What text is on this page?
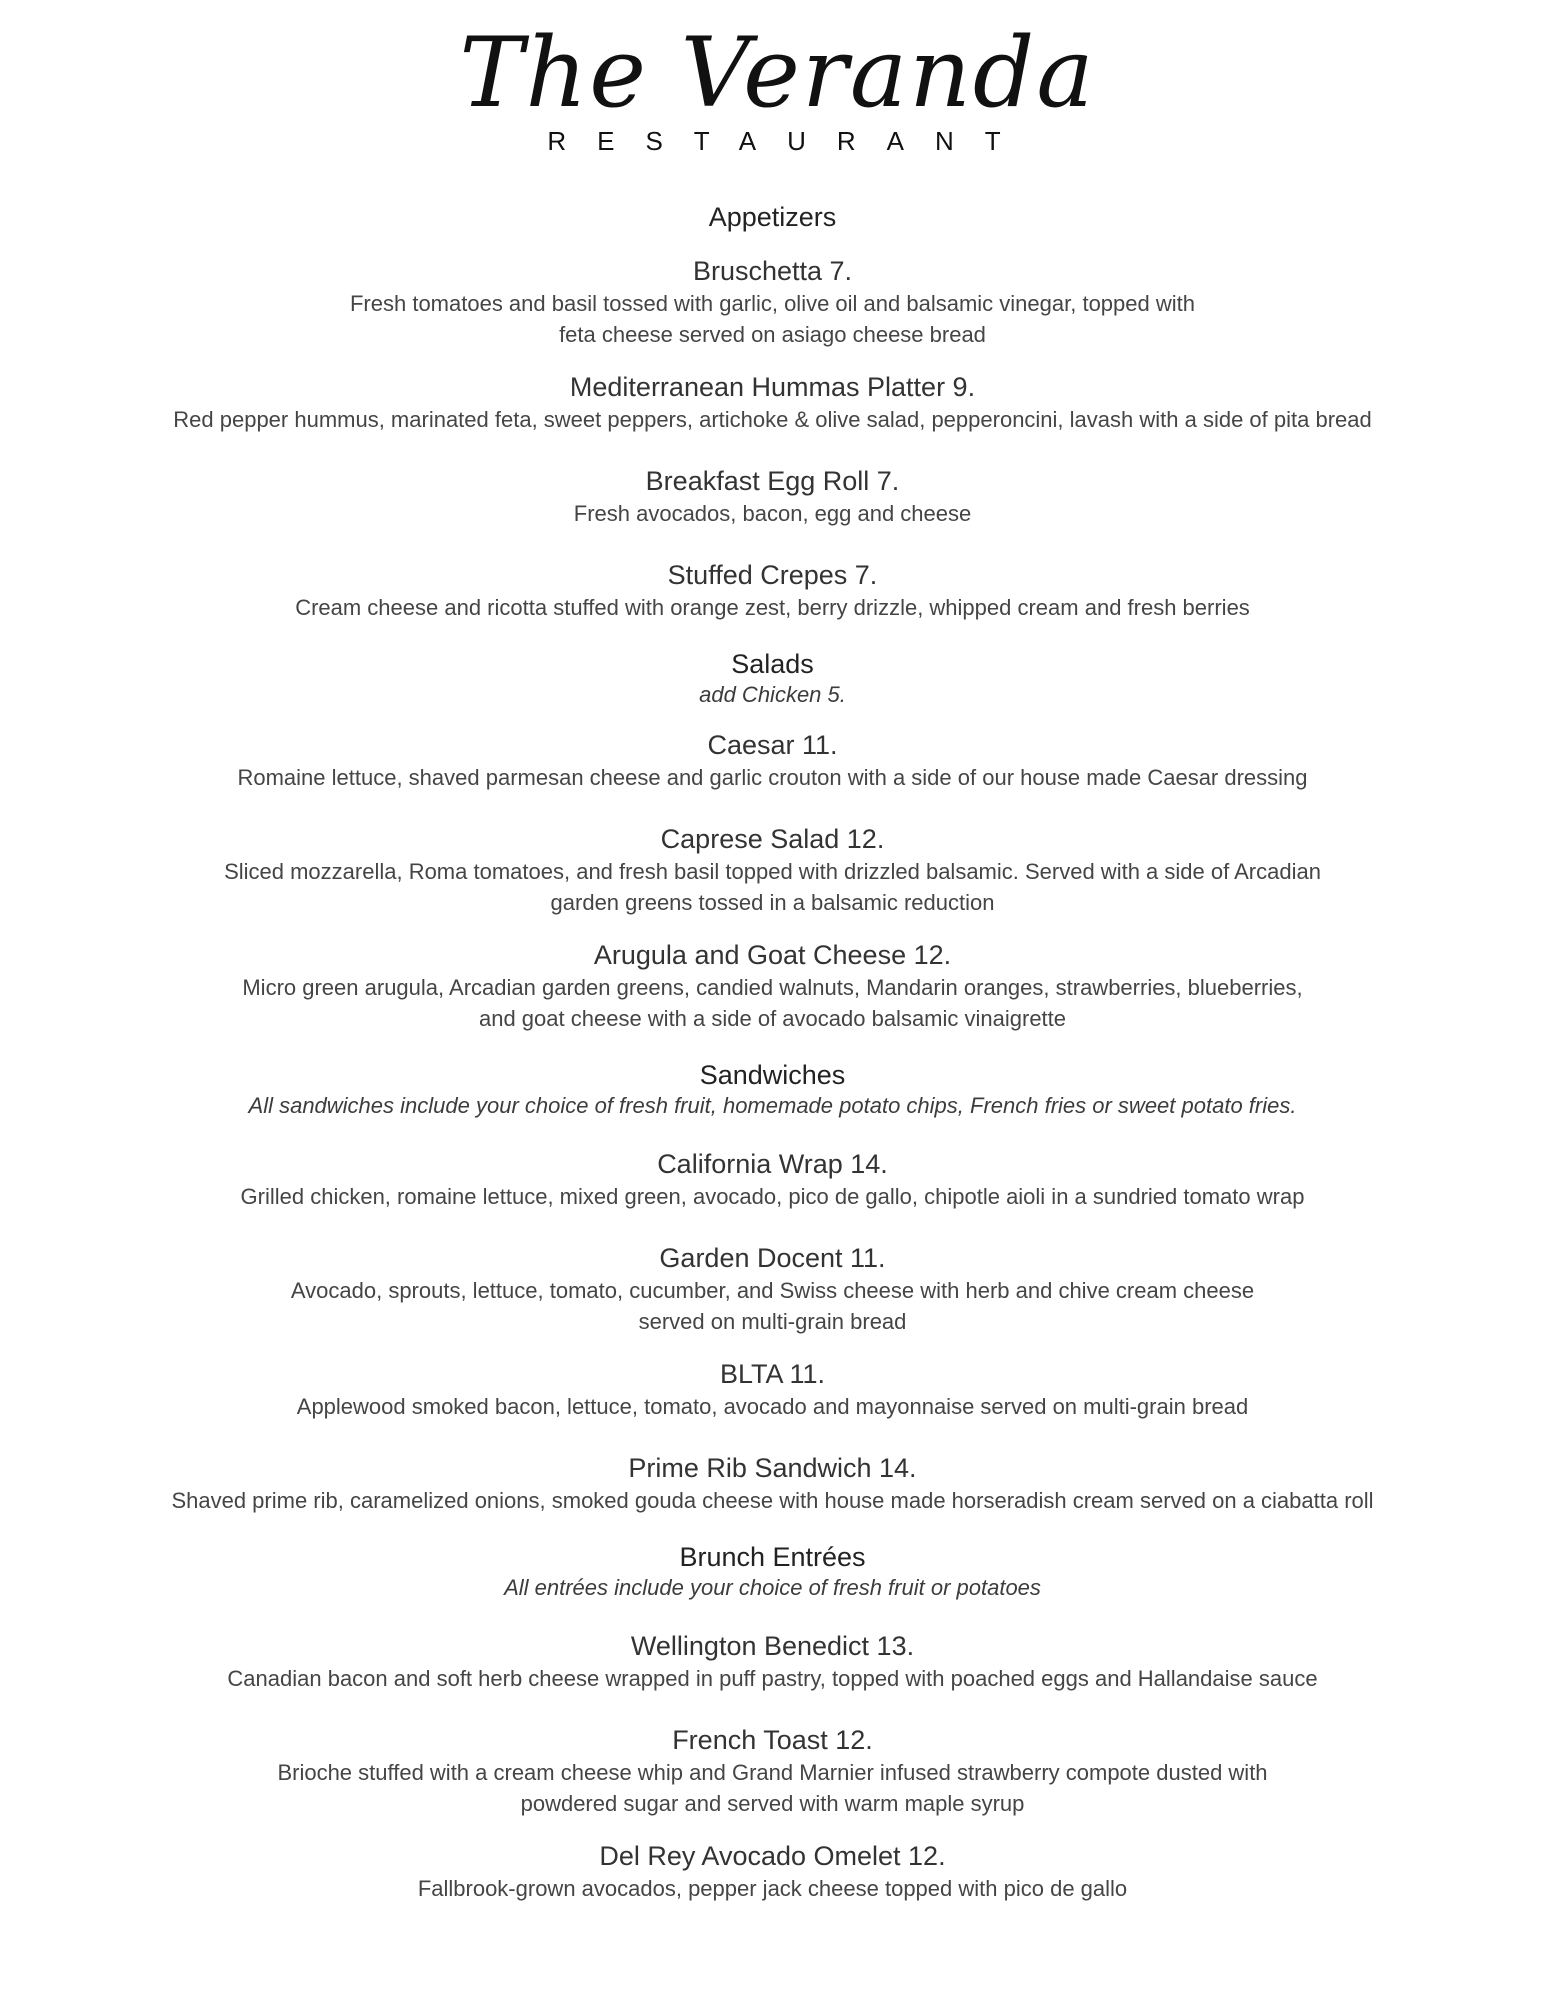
The Veranda
RESTAURANT

Appetizers

Bruschetta 7.

Fresh tomatoes and basil tossed with garlic, olive oil and balsamic vinegar, topped with
feta cheese served on asiago cheese bread

Mediterranean Hummas Platter 9.

Red pepper hummus, marinated feta, sweet peppers, artichoke & olive salad, pepperoncini, lavash with a side of pita bread

Breakfast Egg Roll 7.

Fresh avocados, bacon, egg and cheese

Stuffed Crepes 7.

Cream cheese and ricotta stuffed with orange zest, berry drizzle, whipped cream and fresh berries

Salads

add Chicken 5.

Caesar 11.

Romaine lettuce, shaved parmesan cheese and garlic crouton with a side of our house made Caesar dressing

Caprese Salad 12.

Sliced mozzarella, Roma tomatoes, and fresh basil topped with drizzled balsamic. Served with a side of Arcadian
garden greens tossed in a balsamic reduction

Arugula and Goat Cheese 12.

Micro green arugula, Arcadian garden greens, candied walnuts, Mandarin oranges, strawberries, blueberries,
and goat cheese with a side of avocado balsamic vinaigrette

Sandwiches

All sandwiches include your choice of fresh fruit, homemade potato chips, French fries or sweet potato fries.

California Wrap 14.

Grilled chicken, romaine lettuce, mixed green, avocado, pico de gallo, chipotle aioli in a sundried tomato wrap

Garden Docent 11.

Avocado, sprouts, lettuce, tomato, cucumber, and Swiss cheese with herb and chive cream cheese
served on multi-grain bread

BLTA 11.

Applewood smoked bacon, lettuce, tomato, avocado and mayonnaise served on multi-grain bread

Prime Rib Sandwich 14.

Shaved prime rib, caramelized onions, smoked gouda cheese with house made horseradish cream served on a ciabatta roll

Brunch Entrées

All entrées include your choice of fresh fruit or potatoes

Wellington Benedict 13.

Canadian bacon and soft herb cheese wrapped in puff pastry, topped with poached eggs and Hallandaise sauce

French Toast 12.

Brioche stuffed with a cream cheese whip and Grand Marnier infused strawberry compote dusted with
powdered sugar and served with warm maple syrup

Del Rey Avocado Omelet 12.

Fallbrook-grown avocados, pepper jack cheese topped with pico de gallo
